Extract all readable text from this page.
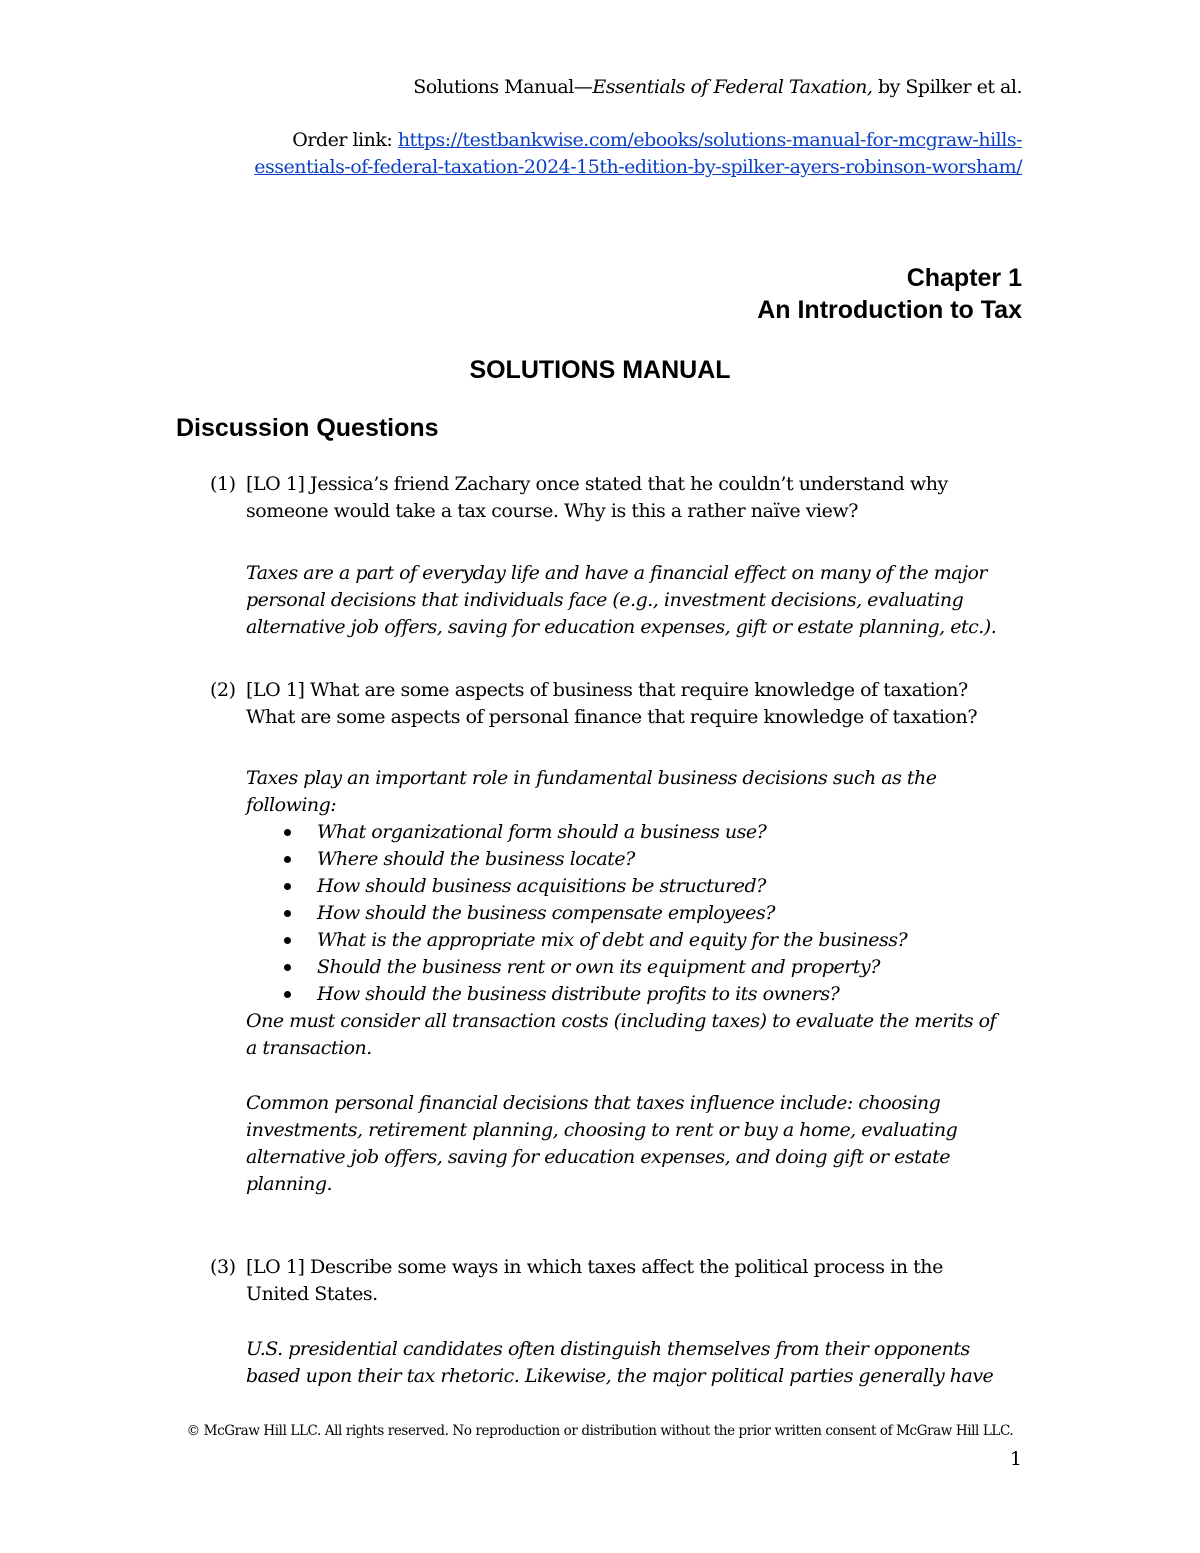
Solutions Manual—Essentials of Federal Taxation, by Spilker et al.
Order link: https://testbankwise.com/ebooks/solutions-manual-for-mcgraw-hills-
essentials-of-federal-taxation-2024-15th-edition-by-spilker-ayers-robinson-worsham/
Chapter 1
An Introduction to Tax
SOLUTIONS MANUAL
Discussion Questions
(1) [LO 1] Jessica’s friend Zachary once stated that he couldn’t understand why
someone would take a tax course. Why is this a rather naïve view?
Taxes are a part of everyday life and have a financial effect on many of the major
personal decisions that individuals face (e.g., investment decisions, evaluating
alternative job offers, saving for education expenses, gift or estate planning, etc.).
(2) [LO 1] What are some aspects of business that require knowledge of taxation?
What are some aspects of personal finance that require knowledge of taxation?
Taxes play an important role in fundamental business decisions such as the
following:
What organizational form should a business use?
Where should the business locate?
How should business acquisitions be structured?
How should the business compensate employees?
What is the appropriate mix of debt and equity for the business?
Should the business rent or own its equipment and property?
How should the business distribute profits to its owners?
One must consider all transaction costs (including taxes) to evaluate the merits of
a transaction.
Common personal financial decisions that taxes influence include: choosing
investments, retirement planning, choosing to rent or buy a home, evaluating
alternative job offers, saving for education expenses, and doing gift or estate
planning.
(3) [LO 1] Describe some ways in which taxes affect the political process in the
United States.
U.S. presidential candidates often distinguish themselves from their opponents
based upon their tax rhetoric. Likewise, the major political parties generally have
© McGraw Hill LLC. All rights reserved. No reproduction or distribution without the prior written consent of McGraw Hill LLC.
1
